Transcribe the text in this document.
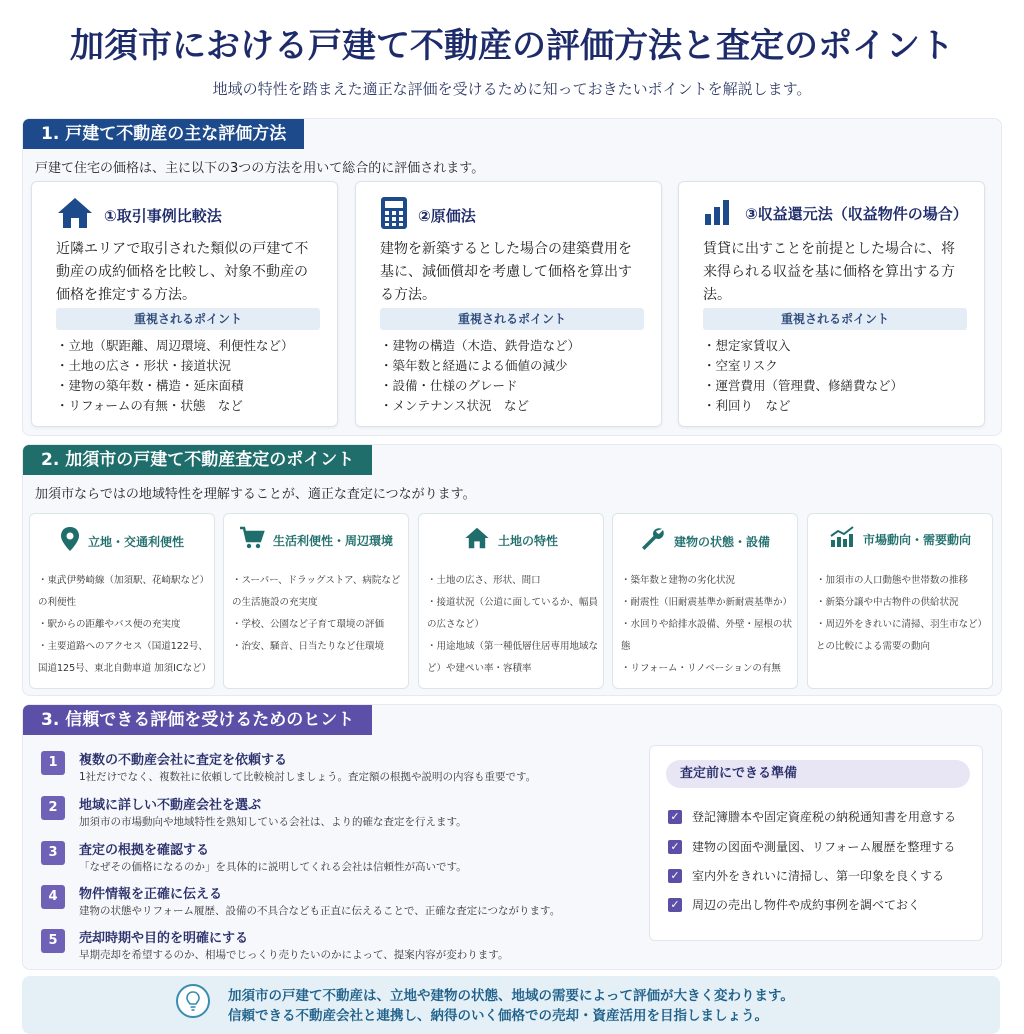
加須市における戸建て不動産の評価方法と査定のポイント
地域の特性を踏まえた適正な評価を受けるために知っておきたいポイントを解説します。
1. 戸建て不動産の主な評価方法
戸建て住宅の価格は、主に以下の3つの方法を用いて総合的に評価されます。
①取引事例比較法
近隣エリアで取引された類似の戸建て不動産の成約価格を比較し、対象不動産の価格を推定する方法。
重視されるポイント
・ 立地（駅距離、周辺環境、利便性など）
・ 土地の広さ・形状・接道状況
・ 建物の築年数・構造・延床面積
・ リフォームの有無・状態　など
②原価法
建物を新築するとした場合の建築費用を基に、減価償却を考慮して価格を算出する方法。
重視されるポイント
・ 建物の構造（木造、鉄骨造など）
・ 築年数と経過による価値の減少
・ 設備・仕様のグレード
・ メンテナンス状況　など
③収益還元法（収益物件の場合）
賃貸に出すことを前提とした場合に、将来得られる収益を基に価格を算出する方法。
重視されるポイント
・ 想定家賃収入
・ 空室リスク
・ 運営費用（管理費、修繕費など）
・ 利回り　など
2. 加須市の戸建て不動産査定のポイント
加須市ならではの地域特性を理解することが、適正な査定につながります。
立地・交通利便性
・ 東武伊勢崎線（加須駅、花崎駅など）の利便性
・ 駅からの距離やバス便の充実度
・ 主要道路へのアクセス（国道122号、国道125号、東北自動車道 加須ICなど）
生活利便性・周辺環境
・ スーパー、ドラッグストア、病院などの生活施設の充実度
・ 学校、公園など子育て環境の評価
・ 治安、騒音、日当たりなど住環境
土地の特性
・ 土地の広さ、形状、間口
・ 接道状況（公道に面しているか、幅員の広さなど）
・ 用途地域（第一種低層住居専用地域など）や建ぺい率・容積率
建物の状態・設備
・ 築年数と建物の劣化状況
・ 耐震性（旧耐震基準か新耐震基準か）
・ 水回りや給排水設備、外壁・屋根の状態
・ リフォーム・リノベーションの有無
市場動向・需要動向
・ 加須市の人口動態や世帯数の推移
・ 新築分譲や中古物件の供給状況
・ 周辺外をきれいに清掃、羽生市など）との比較による需要の動向
3. 信頼できる評価を受けるためのヒント
1	複数の不動産会社に査定を依頼する
1社だけでなく、複数社に依頼して比較検討しましょう。査定額の根拠や説明の内容も重要です。
2	地域に詳しい不動産会社を選ぶ
加須市の市場動向や地域特性を熟知している会社は、より的確な査定を行えます。
3	査定の根拠を確認する
「なぜその価格になるのか」を具体的に説明してくれる会社は信頼性が高いです。
4	物件情報を正確に伝える
建物の状態やリフォーム履歴、設備の不具合なども正直に伝えることで、正確な査定につながります。
5	売却時期や目的を明確にする
早期売却を希望するのか、相場でじっくり売りたいのかによって、提案内容が変わります。
査定前にできる準備
✓ 登記簿謄本や固定資産税の納税通知書を用意する
✓ 建物の図面や測量図、リフォーム履歴を整理する
✓ 室内外をきれいに清掃し、第一印象を良くする
✓ 周辺の売出し物件や成約事例を調べておく
加須市の戸建て不動産は、立地や建物の状態、地域の需要によって評価が大きく変わります。
信頼できる不動産会社と連携し、納得のいく価格での売却・資産活用を目指しましょう。
